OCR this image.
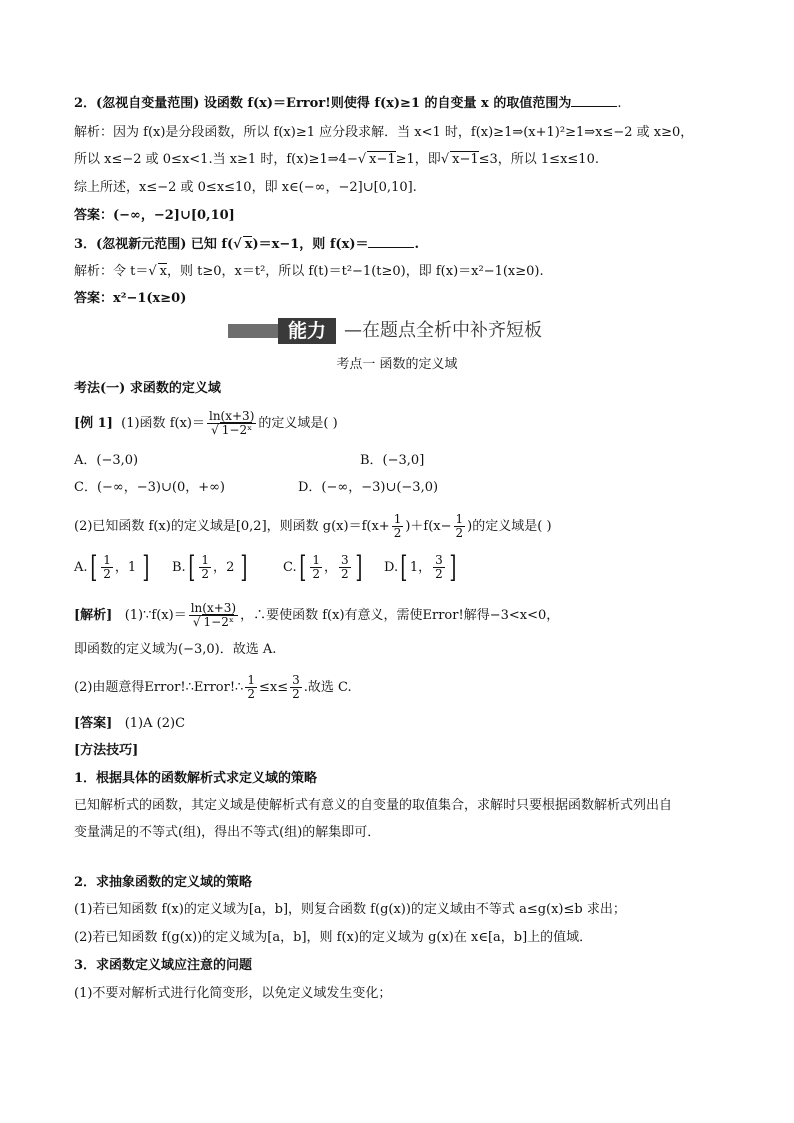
2．(忽视自变量范围) 设函数 f(x)＝Error!则使得 f(x)≥1 的自变量 x 的取值范围为	.
解析：因为 f(x)是分段函数，所以 f(x)≥1 应分段求解．当 x<1 时，f(x)≥1⇒(x+1)²≥1⇒x≤−2 或 x≥0，
所以 x≤−2 或 0≤x<1.当 x≥1 时，f(x)≥1⇒4−√ x−1≥1，即√ x−1≤3，所以 1≤x≤10.
综上所述，x≤−2 或 0≤x≤10，即 x∈(−∞，−2]∪[0,10].
答案：(−∞，−2]∪[0,10]
3．(忽视新元范围) 已知 f(√ x)＝x−1，则 f(x)＝	.
解析：令 t＝√ x，则 t≥0，x＝t²，所以 f(t)＝t²−1(t≥0)，即 f(x)＝x²−1(x≥0).
答案：x²−1(x≥0)
能力	—在题点全析中补齐短板
考点一 函数的定义域
考法(一) 求函数的定义域
[例 1] (1)函数 $f(x)= \frac{\ln(x+3)}{\text{√ 1−2ˣ}}$ 的定义域是( )
A．(−3,0)	B．(−3,0]
C．(−∞，−3)∪(0，+∞)	D．(−∞，−3)∪(−3,0)
(2)已知函数 f(x)的定义域是[0,2]，则函数 $g(x)=f(x+ \frac{1}{2} )+f(x- \frac{1}{2}$ )的定义域是( )
$A.[ \frac{1}{2}$ ，1 ] $B.[ \frac{1}{2}$ ，2 ]	$C.[ \frac{1}{2}$ ， $\frac{3}{2}$ ] D.[ 1， $\frac{3}{2}$ ]
[解析] (1)∵f(x)＝ $\frac{\ln(x+3)}{\text{√ 1−2ˣ}}$ ，∴要使函数 f(x)有意义，需使Error!解得−3<x<0，
即函数的定义域为(−3,0)．故选 A.
(2)由题意得Error!∴Error!∴ $\frac{1}{2} \le x\le \frac{3}{2}$ .故选 C.
[答案] (1)A (2)C
[方法技巧]
1．根据具体的函数解析式求定义域的策略
已知解析式的函数，其定义域是使解析式有意义的自变量的取值集合，求解时只要根据函数解析式列出自
变量满足的不等式(组)，得出不等式(组)的解集即可．
2．求抽象函数的定义域的策略
(1)若已知函数 f(x)的定义域为[a，b]，则复合函数 f(g(x))的定义域由不等式 a≤g(x)≤b 求出；
(2)若已知函数 f(g(x))的定义域为[a，b]，则 f(x)的定义域为 g(x)在 x∈[a，b]上的值域．
3．求函数定义域应注意的问题
(1)不要对解析式进行化简变形，以免定义域发生变化；
